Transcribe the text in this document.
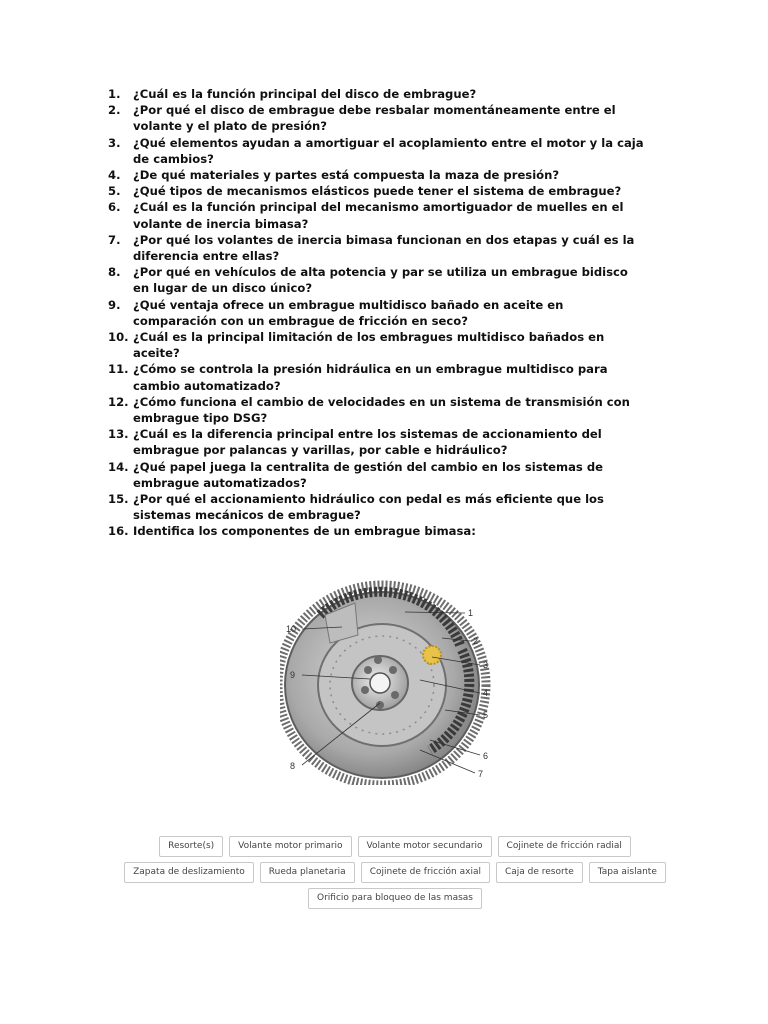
1.	¿Cuál es la función principal del disco de embrague?
2.	¿Por qué el disco de embrague debe resbalar momentáneamente entre el volante y el plato de presión?
3.	¿Qué elementos ayudan a amortiguar el acoplamiento entre el motor y la caja de cambios?
4.	¿De qué materiales y partes está compuesta la maza de presión?
5.	¿Qué tipos de mecanismos elásticos puede tener el sistema de embrague?
6.	¿Cuál es la función principal del mecanismo amortiguador de muelles en el volante de inercia bimasa?
7.	¿Por qué los volantes de inercia bimasa funcionan en dos etapas y cuál es la diferencia entre ellas?
8.	¿Por qué en vehículos de alta potencia y par se utiliza un embrague bidisco en lugar de un disco único?
9.	¿Qué ventaja ofrece un embrague multidisco bañado en aceite en comparación con un embrague de fricción en seco?
10. ¿Cuál es la principal limitación de los embragues multidisco bañados en aceite?
11. ¿Cómo se controla la presión hidráulica en un embrague multidisco para cambio automatizado?
12. ¿Cómo funciona el cambio de velocidades en un sistema de transmisión con embrague tipo DSG?
13. ¿Cuál es la diferencia principal entre los sistemas de accionamiento del embrague por palancas y varillas, por cable e hidráulico?
14. ¿Qué papel juega la centralita de gestión del cambio en los sistemas de embrague automatizados?
15. ¿Por qué el accionamiento hidráulico con pedal es más eficiente que los sistemas mecánicos de embrague?
16. Identifica los componentes de un embrague bimasa:
1
2
3
4
5
6
7
8
9
10
Resorte(s)	Volante motor primario	Volante motor secundario	Cojinete de fricción radial
Zapata de deslizamiento	Rueda planetaria	Cojinete de fricción axial	Caja de resorte	Tapa aislante
Orificio para bloqueo de las masas
